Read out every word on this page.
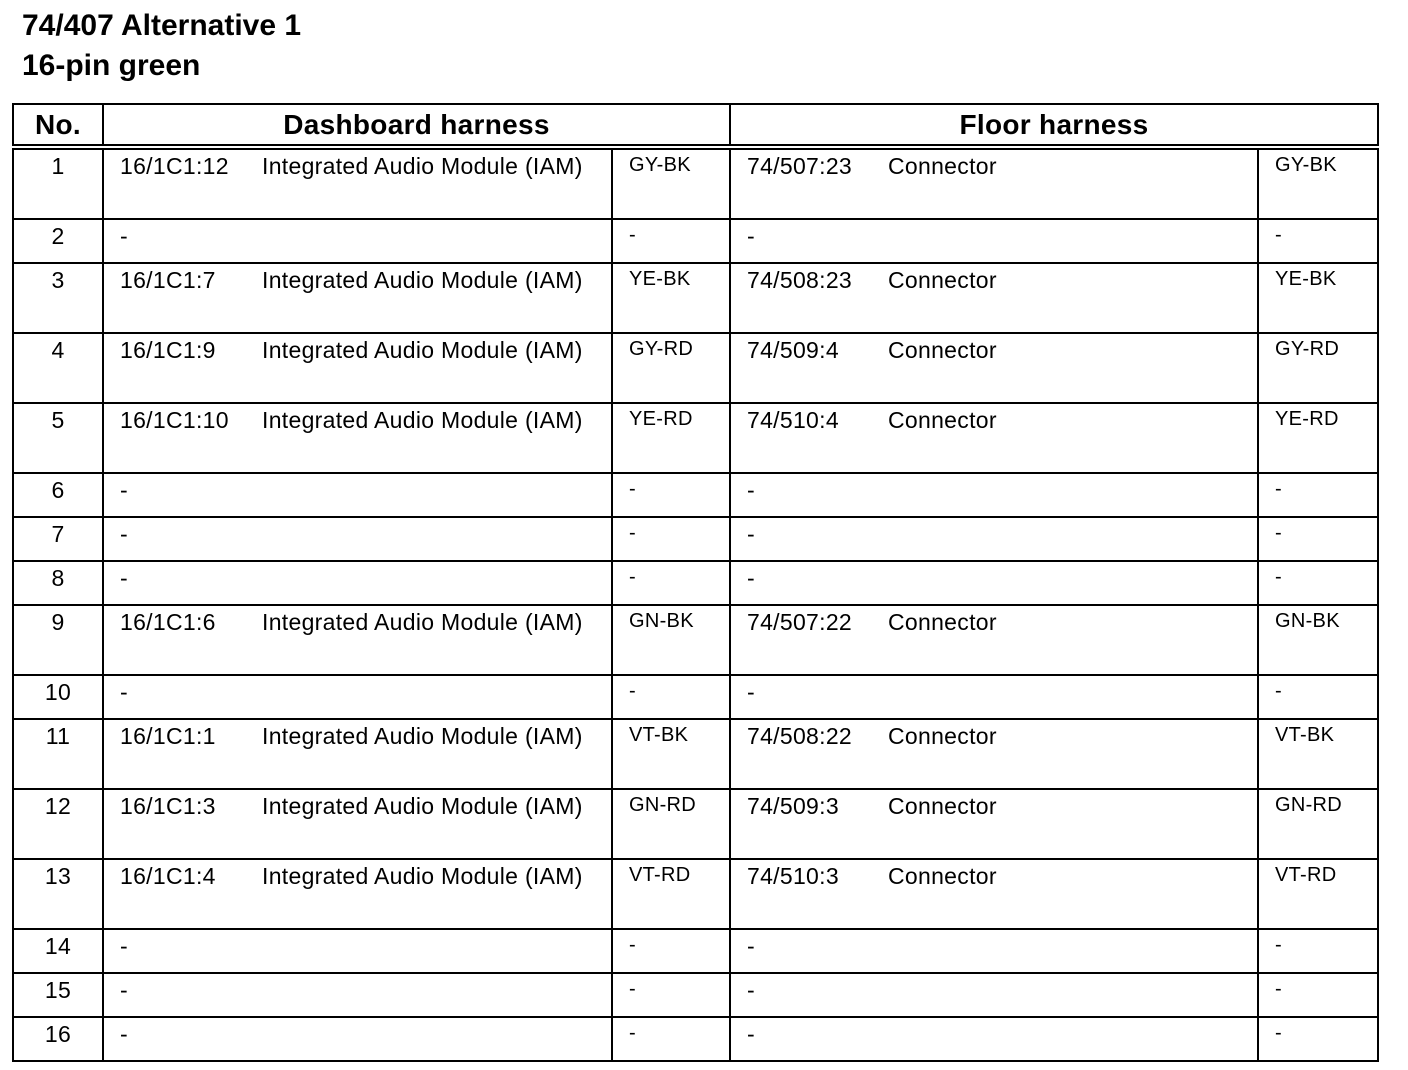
74/407 Alternative 1
16-pin green
No.	Dashboard harness		Floor harness	
1	16/1C1:12 Integrated Audio Module (IAM)	GY-BK	74/507:23 Connector	GY-BK
2	-	-	-	-
3	16/1C1:7 Integrated Audio Module (IAM)	YE-BK	74/508:23 Connector	YE-BK
4	16/1C1:9 Integrated Audio Module (IAM)	GY-RD	74/509:4 Connector	GY-RD
5	16/1C1:10 Integrated Audio Module (IAM)	YE-RD	74/510:4 Connector	YE-RD
6	-	-	-	-
7	-	-	-	-
8	-	-	-	-
9	16/1C1:6 Integrated Audio Module (IAM)	GN-BK	74/507:22 Connector	GN-BK
10	-	-	-	-
11	16/1C1:1 Integrated Audio Module (IAM)	VT-BK	74/508:22 Connector	VT-BK
12	16/1C1:3 Integrated Audio Module (IAM)	GN-RD	74/509:3 Connector	GN-RD
13	16/1C1:4 Integrated Audio Module (IAM)	VT-RD	74/510:3 Connector	VT-RD
14	-	-	-	-
15	-	-	-	-
16	-	-	-	-
